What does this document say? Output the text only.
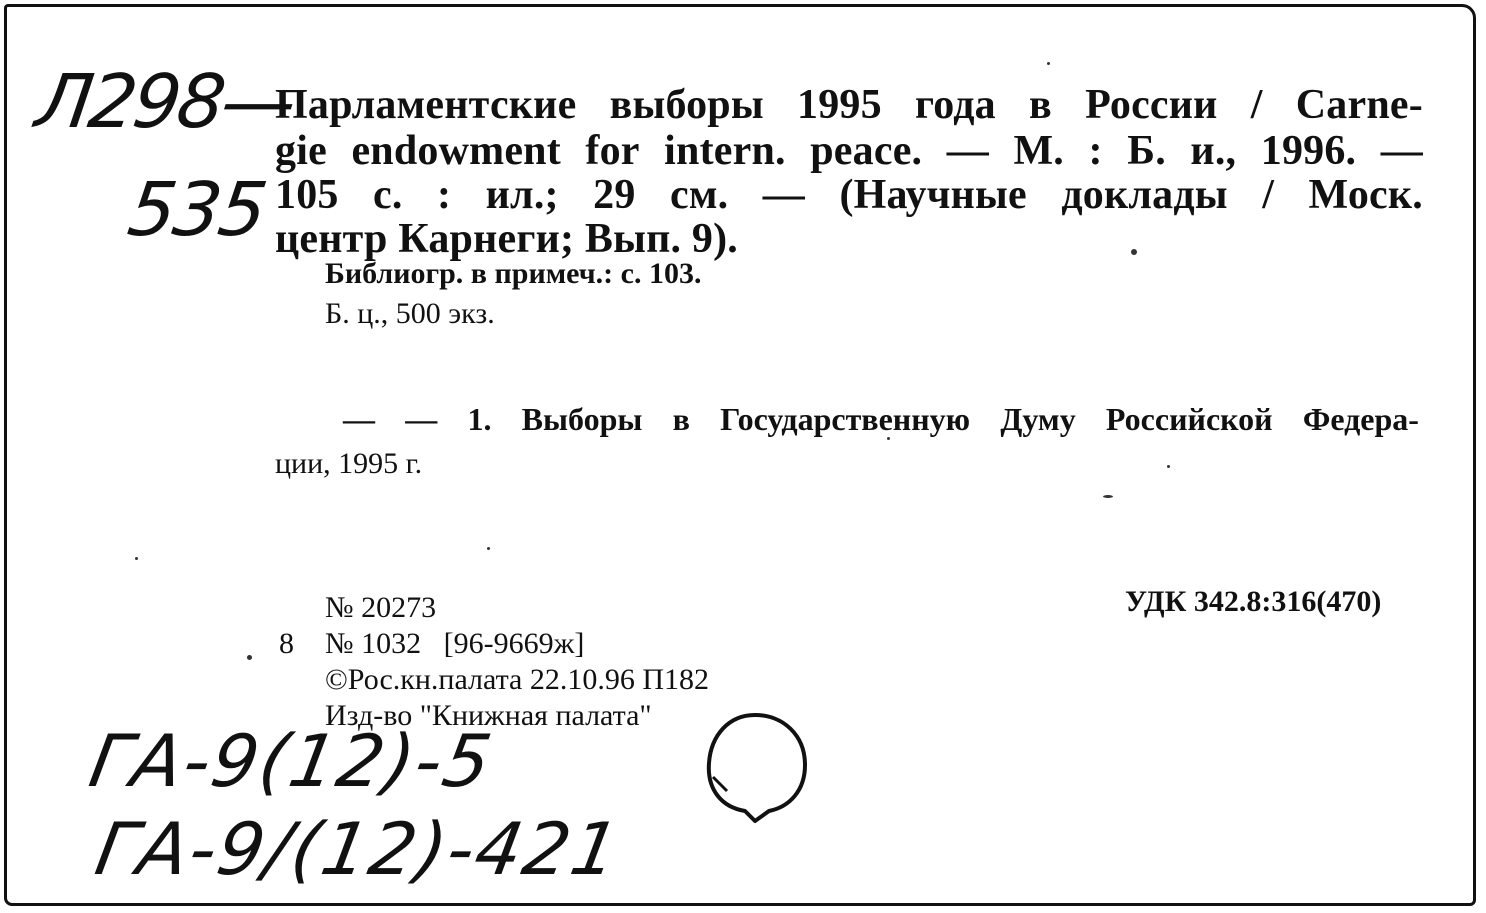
Л298—
535
Парламентские выборы 1995 года в России / Carne-
gie endowment for intern. peace. — М. : Б. и., 1996. —
105 с. : ил.; 29 см. — (Научные доклады / Моск.
центр Карнеги; Вып. 9).
Библиогр. в примеч.: с. 103.
Б. ц., 500 экз.
— — 1. Выборы в Государственную Думу Российской Федера-
ции, 1995 г.
№ 20273
8 № 1032   [96-9669ж]
©Рос.кн.палата 22.10.96 П182
Изд-во "Книжная палата"
УДК 342.8:316(470)
ГА-9(12)-5
ГА-9/(12)-421
